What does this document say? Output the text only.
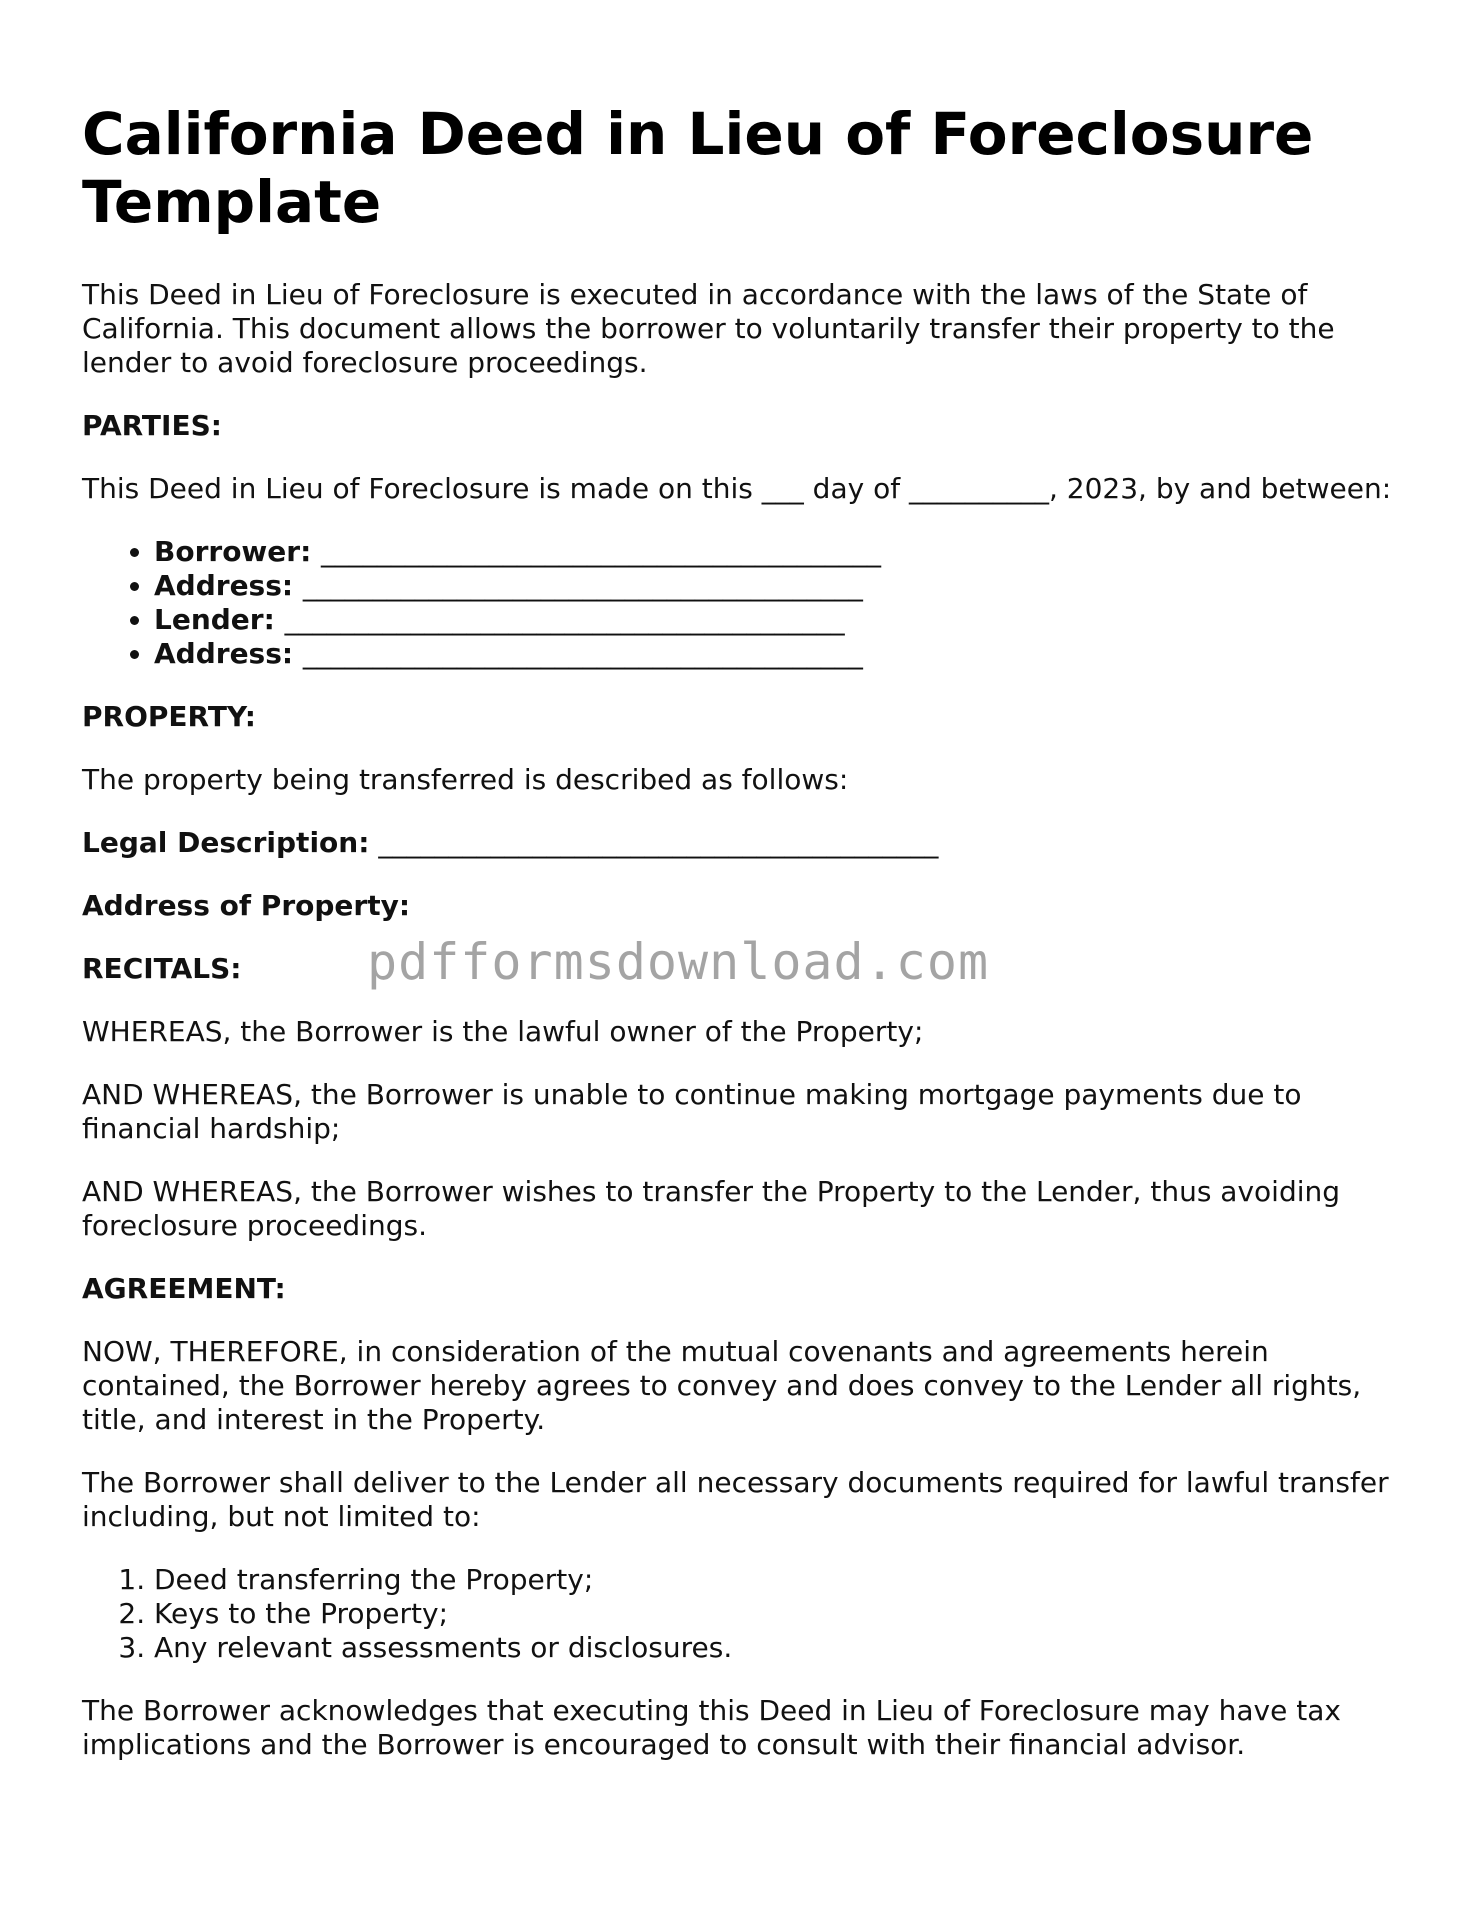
California Deed in Lieu of Foreclosure Template

This Deed in Lieu of Foreclosure is executed in accordance with the laws of the State of California. This document allows the borrower to voluntarily transfer their property to the lender to avoid foreclosure proceedings.

PARTIES:

This Deed in Lieu of Foreclosure is made on this ___ day of __________, 2023, by and between:

• Borrower: ________________________________________
• Address: ________________________________________
• Lender: ________________________________________
• Address: ________________________________________
PROPERTY:

The property being transferred is described as follows:

Legal Description: ________________________________________

Address of Property:

RECITALS:

WHEREAS, the Borrower is the lawful owner of the Property;

AND WHEREAS, the Borrower is unable to continue making mortgage payments due to financial hardship;

AND WHEREAS, the Borrower wishes to transfer the Property to the Lender, thus avoiding foreclosure proceedings.

AGREEMENT:

NOW, THEREFORE, in consideration of the mutual covenants and agreements herein contained, the Borrower hereby agrees to convey and does convey to the Lender all rights, title, and interest in the Property.

The Borrower shall deliver to the Lender all necessary documents required for lawful transfer including, but not limited to:

1. Deed transferring the Property;
2. Keys to the Property;
3. Any relevant assessments or disclosures.

The Borrower acknowledges that executing this Deed in Lieu of Foreclosure may have tax implications and the Borrower is encouraged to consult with their financial advisor.

pdfformsdownload.com
